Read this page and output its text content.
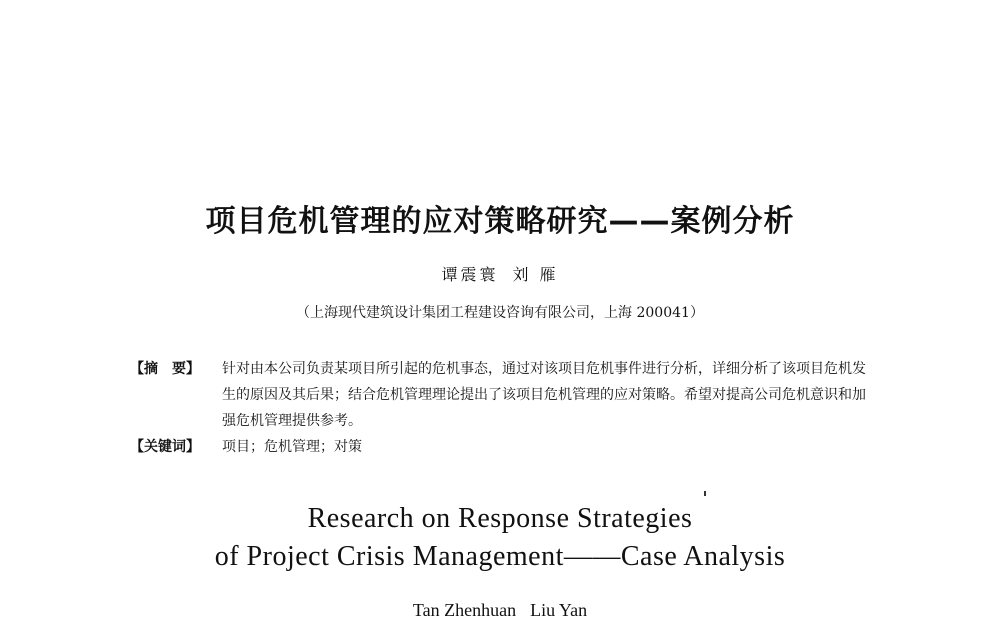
项目危机管理的应对策略研究——案例分析
谭震寰 刘 雁
（上海现代建筑设计集团工程建设咨询有限公司，上海 200041）
【摘　要】	针对由本公司负责某项目所引起的危机事态，通过对该项目危机事件进行分析，详细分析了该项目危机发生的原因及其后果；结合危机管理理论提出了该项目危机管理的应对策略。希望对提高公司危机意识和加强危机管理提供参考。
【关键词】	项目；危机管理；对策
Research on Response Strategies
of Project Crisis Management——Case Analysis
Tan Zhenhuan Liu Yan
